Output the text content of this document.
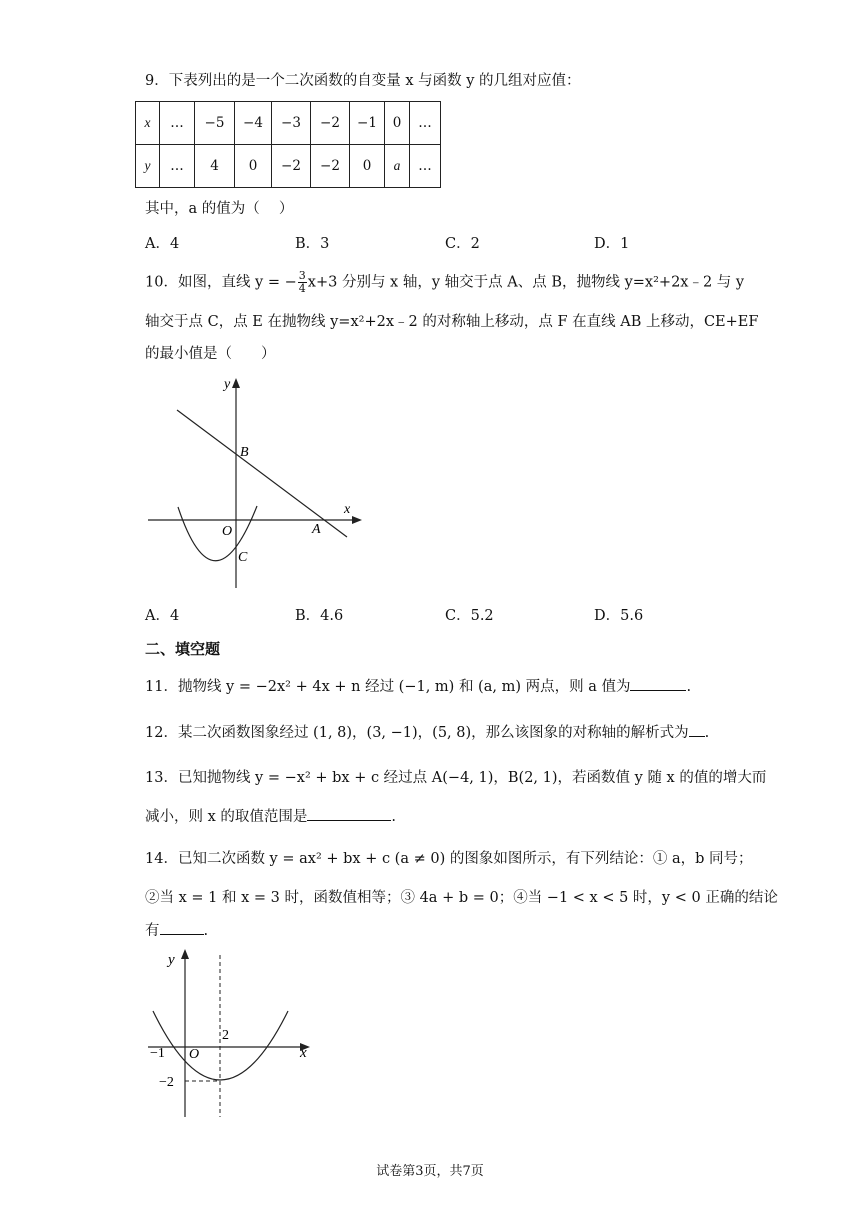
9．下表列出的是一个二次函数的自变量 x 与函数 y 的几组对应值：
x	…	−5	−4	−3	−2	−1	0	…
y	…	4	0	−2	−2	0	a	…
其中，a 的值为（　 ）
A．4	B．3	C．2	D．1
10．如图，直线 y = − $\frac{3}{4} x+3$ 分别与 x 轴，y 轴交于点 A、点 B，抛物线 y=x²+2x﹣2 与 y
轴交于点 C，点 E 在抛物线 y=x²+2x﹣2 的对称轴上移动，点 F 在直线 AB 上移动，CE+EF
的最小值是（　　）
y
x
B
O	A
C
A．4	B．4.6	C．5.2	D．5.6
二、填空题
11．抛物线 y = −2x² + 4x + n 经过 (−1, m) 和 (a, m) 两点，则 a 值为	.
12．某二次函数图象经过 (1, 8)，(3, −1)，(5, 8)，那么该图象的对称轴的解析式为 .
13．已知抛物线 y = −x² + bx + c 经过点 A(−4, 1)，B(2, 1)，若函数值 y 随 x 的值的增大而
减小，则 x 的取值范围是	.
14．已知二次函数 y = ax² + bx + c (a ≠ 0) 的图象如图所示，有下列结论：① a，b 同号；
②当 x = 1 和 x = 3 时，函数值相等；③ 4a + b = 0；④当 −1 < x < 5 时，y < 0 正确的结论
有	.
y
x
2
−1 O
−2
试卷第3页，共7页
